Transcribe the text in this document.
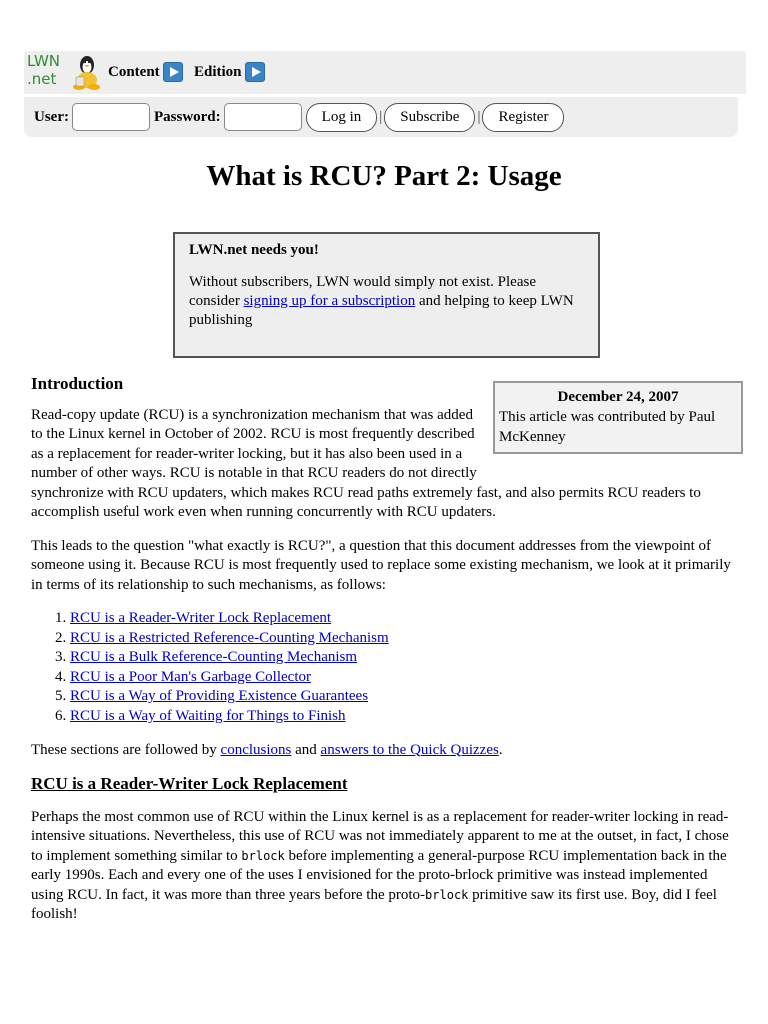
LWN
.net	Content Edition
User:	Password:	Log in	|	Subscribe	|	Register
What is RCU? Part 2: Usage
LWN.net needs you!

Without subscribers, LWN would simply not exist. Please consider signing up for a subscription and helping to keep LWN publishing

Introduction

Read-copy update (RCU) is a synchronization mechanism that was added to the Linux kernel in October of 2002. RCU is most frequently described as a replacement for reader-writer locking, but it has also been used in a number of other ways. RCU is notable in that RCU readers do not directly synchronize with RCU updaters, which makes RCU read paths extremely fast, and also permits RCU readers to accomplish useful work even when running concurrently with RCU updaters.

This leads to the question "what exactly is RCU?", a question that this document addresses from the viewpoint of someone using it. Because RCU is most frequently used to replace some existing mechanism, we look at it primarily in terms of its relationship to such mechanisms, as follows:

1. RCU is a Reader-Writer Lock Replacement
2. RCU is a Restricted Reference-Counting Mechanism
3. RCU is a Bulk Reference-Counting Mechanism
4. RCU is a Poor Man's Garbage Collector
5. RCU is a Way of Providing Existence Guarantees
6. RCU is a Way of Waiting for Things to Finish

These sections are followed by conclusions and answers to the Quick Quizzes.

RCU is a Reader-Writer Lock Replacement

Perhaps the most common use of RCU within the Linux kernel is as a replacement for reader-writer locking in read-intensive situations. Nevertheless, this use of RCU was not immediately apparent to me at the outset, in fact, I chose to implement something similar to brlock before implementing a general-purpose RCU implementation back in the early 1990s. Each and every one of the uses I envisioned for the proto-brlock primitive was instead implemented using RCU. In fact, it was more than three years before the proto-brlock primitive saw its first use. Boy, did I feel foolish!

December 24, 2007
This article was contributed by Paul McKenney
